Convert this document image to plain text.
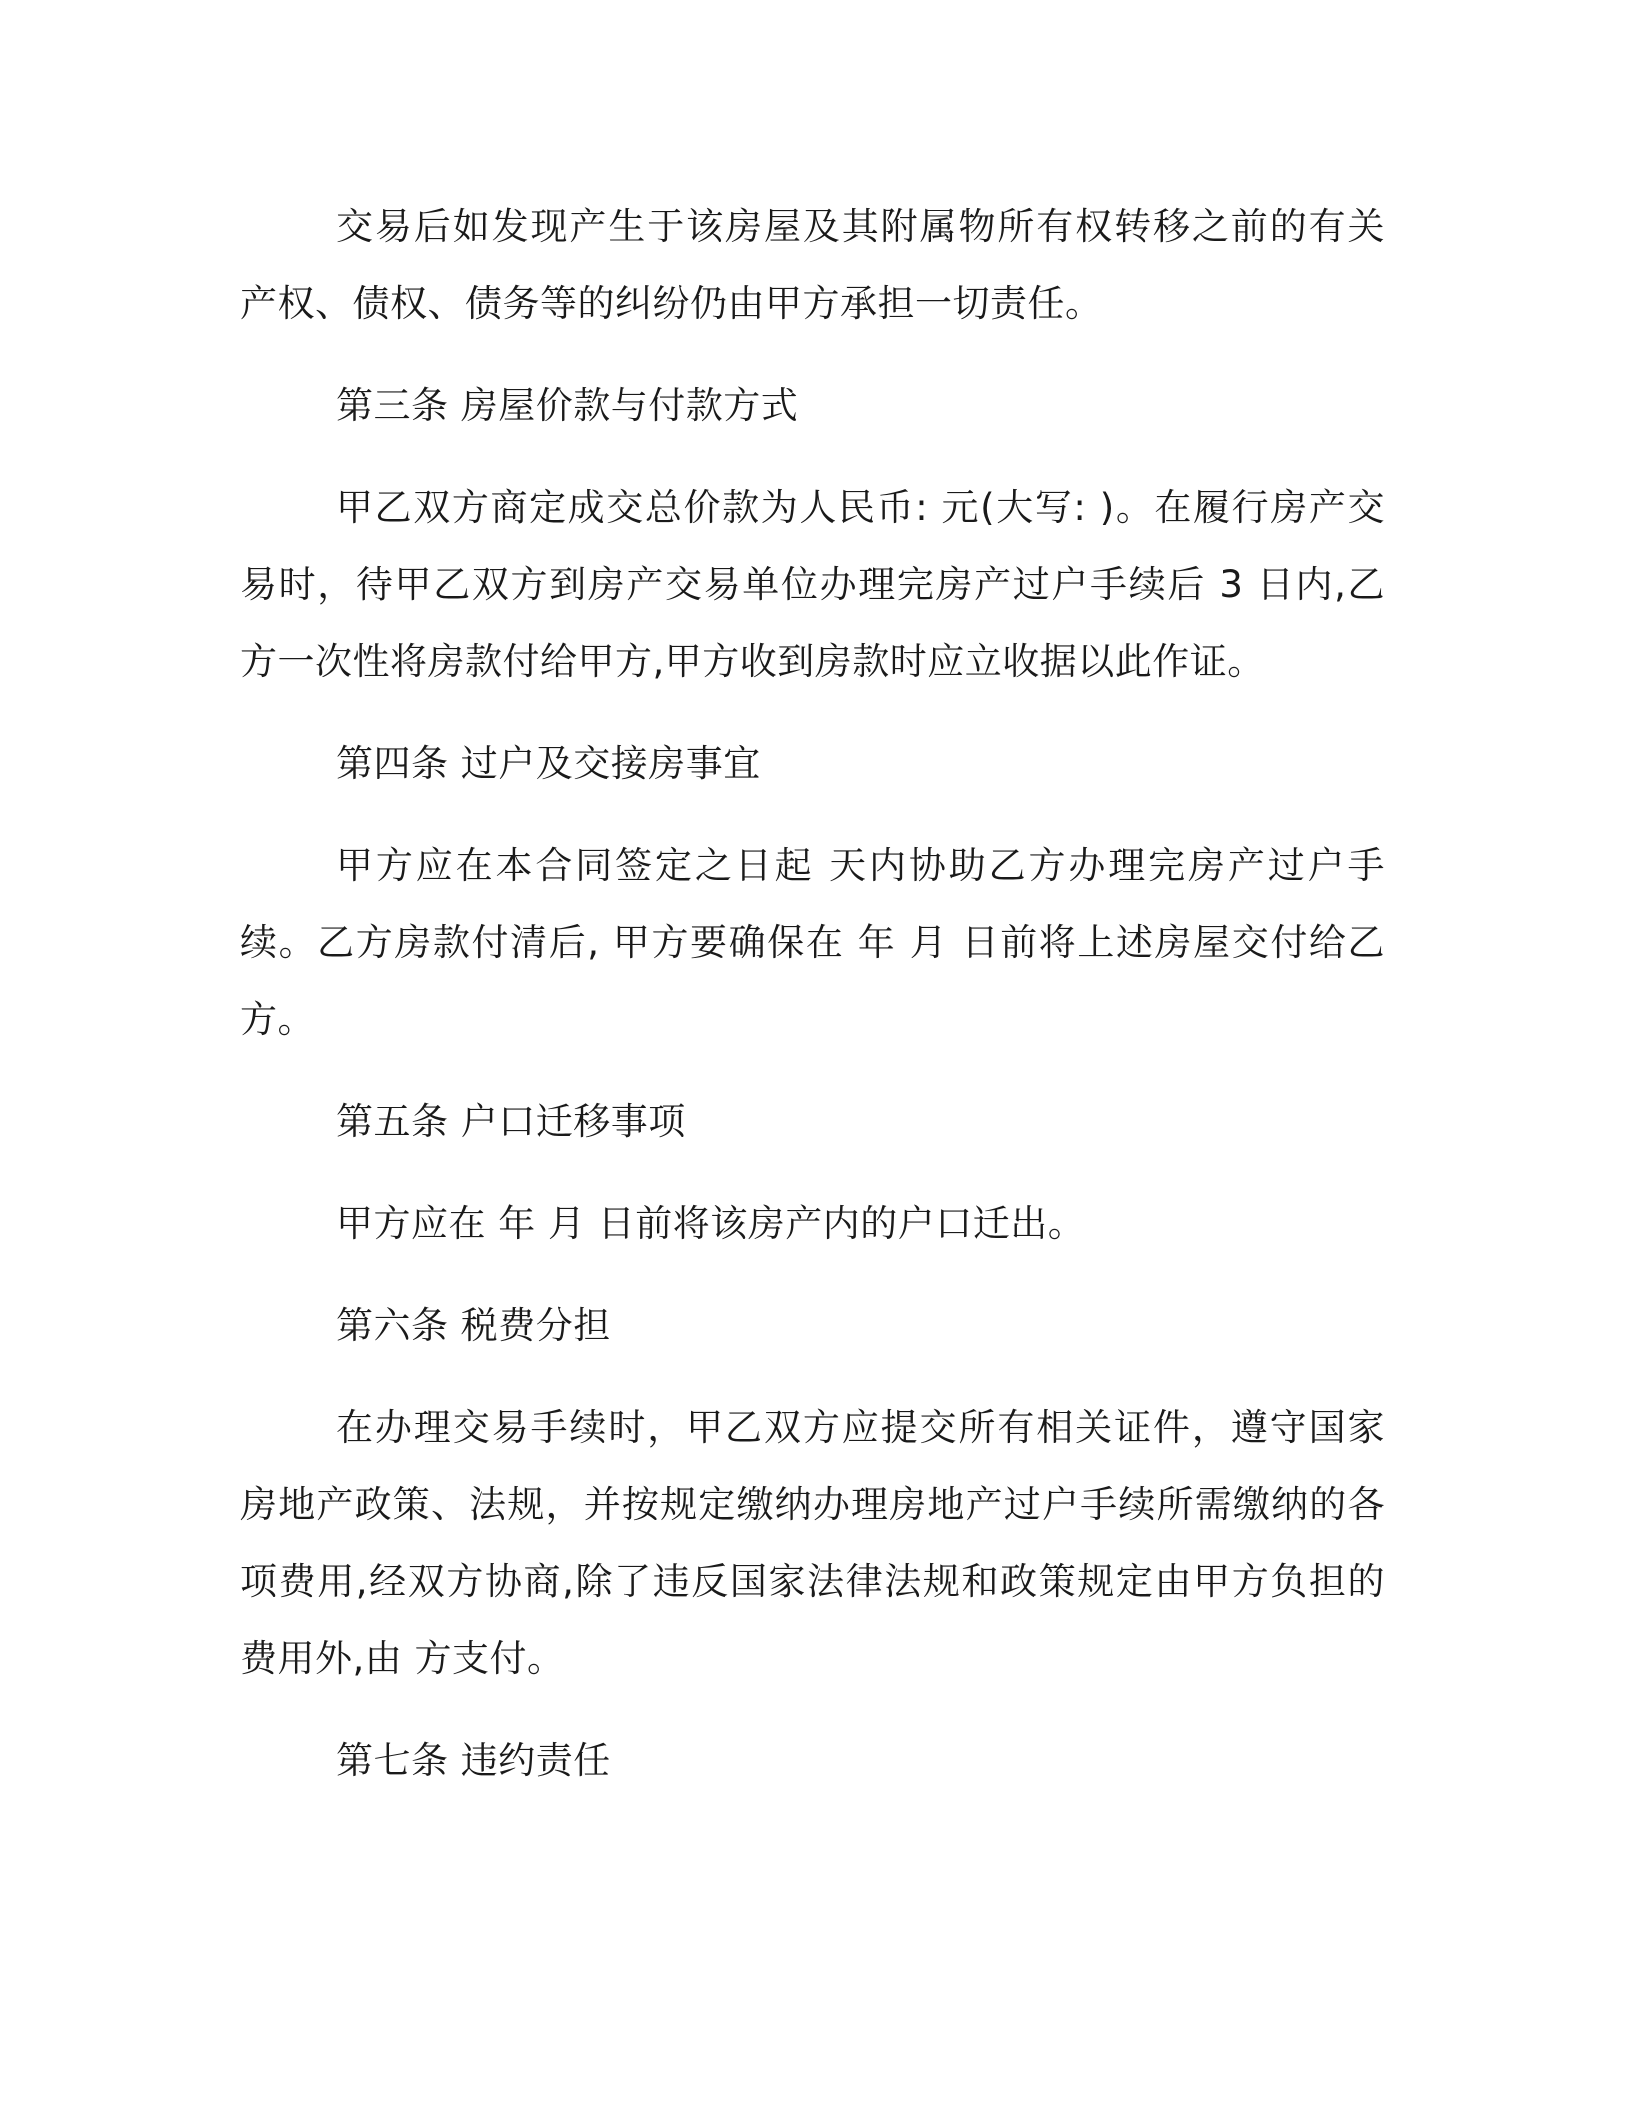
交易后如发现产生于该房屋及其附属物所有权转移之前的有关产权、债权、债务等的纠纷仍由甲方承担一切责任。

第三条 房屋价款与付款方式

甲乙双方商定成交总价款为人民币: 元(大写: )。在履行房产交易时，待甲乙双方到房产交易单位办理完房产过户手续后 3 日内,乙方一次性将房款付给甲方,甲方收到房款时应立收据以此作证。

第四条 过户及交接房事宜

甲方应在本合同签定之日起 天内协助乙方办理完房产过户手续。乙方房款付清后, 甲方要确保在 年 月 日前将上述房屋交付给乙方。

第五条 户口迁移事项

甲方应在 年 月 日前将该房产内的户口迁出。

第六条 税费分担

在办理交易手续时，甲乙双方应提交所有相关证件，遵守国家房地产政策、法规，并按规定缴纳办理房地产过户手续所需缴纳的各项费用,经双方协商,除了违反国家法律法规和政策规定由甲方负担的费用外,由 方支付。

第七条 违约责任
